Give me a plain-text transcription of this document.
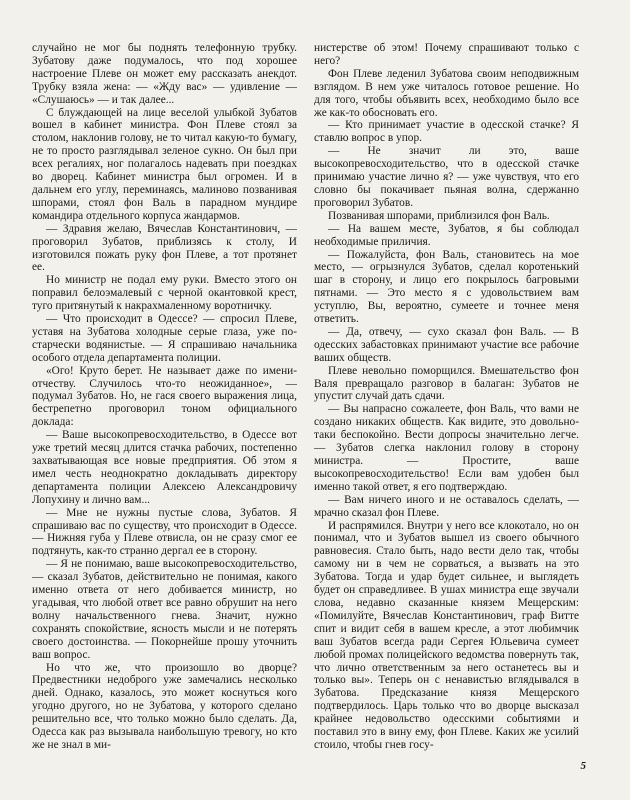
случайно не мог бы поднять телефонную трубку. Зубатову даже подумалось, что под хорошее настроение Плеве он может ему рассказать анекдот. Трубку взяла жена: — «Жду вас» — удивление — «Слушаюсь» — и так далее...

С блуждающей на лице веселой улыбкой Зубатов вошел в кабинет министра. Фон Плеве стоял за столом, наклонив голову, не то читал какую-то бумагу, не то просто разглядывал зеленое сукно. Он был при всех регалиях, ног полагалось надевать при поездках во дворец. Кабинет министра был огромен. И в дальнем его углу, переминаясь, малиново позванивая шпорами, стоял фон Валь в парадном мундире командира отдельного корпуса жандармов.

— Здравия желаю, Вячеслав Константинович, — проговорил Зубатов, приблизясь к столу, И изготовился пожать руку фон Плеве, а тот протянет ее.

Но министр не подал ему руки. Вместо этого он поправил белоэмалевый с черной окантовкой крест, туго притянутый к накрахмаленному воротничку.

— Что происходит в Одессе? — спросил Плеве, уставя на Зубатова холодные серые глаза, уже по-старчески водянистые. — Я спрашиваю начальника особого отдела департамента полиции.

«Ого! Круто берет. Не называет даже по имени-отчеству. Случилось что-то неожиданное», — подумал Зубатов. Но, не гася своего выражения лица, бестрепетно проговорил тоном официального доклада:

— Ваше высокопревосходительство, в Одессе вот уже третий месяц длится стачка рабочих, постепенно захватывающая все новые предприятия. Об этом я имел честь неоднократно докладывать директору департамента полиции Алексею Александровичу Лопухину и лично вам...

— Мне не нужны пустые слова, Зубатов. Я спрашиваю вас по существу, что происходит в Одессе. — Нижняя губа у Плеве отвисла, он не сразу смог ее подтянуть, как-то странно дергал ее в сторону.

— Я не понимаю, ваше высокопревосходительство, — сказал Зубатов, действительно не понимая, какого именно ответа от него добивается министр, но угадывая, что любой ответ все равно обрушит на него волну начальственного гнева. Значит, нужно сохранять спокойствие, ясность мысли и не потерять своего достоинства. — Покорнейше прошу уточнить ваш вопрос.

Но что же, что произошло во дворце? Предвестники недоброго уже замечались несколько дней. Однако, казалось, это может коснуться кого угодно другого, но не Зубатова, у которого сделано решительно все, что только можно было сделать. Да, Одесса как раз вызывала наибольшую тревогу, но кто же не знал в ми-

нистерстве об этом! Почему спрашивают только с него?

Фон Плеве леденил Зубатова своим неподвижным взглядом. В нем уже читалось готовое решение. Но для того, чтобы объявить всех, необходимо было все же как-то обосновать его.

— Кто принимает участие в одесской стачке? Я ставлю вопрос в упор.

— Не значит ли это, ваше высокопревосходительство, что в одесской стачке принимаю участие лично я? — уже чувствуя, что его словно бы покачивает пьяная волна, сдержанно проговорил Зубатов.

Позванивая шпорами, приблизился фон Валь.

— На вашем месте, Зубатов, я бы соблюдал необходимые приличия.

— Пожалуйста, фон Валь, становитесь на мое место, — огрызнулся Зубатов, сделал коротенький шаг в сторону, и лицо его покрылось багровыми пятнами. — Это место я с удовольствием вам уступлю, Вы, вероятно, сумеете и точнее меня ответить.

— Да, отвечу, — сухо сказал фон Валь. — В одесских забастовках принимают участие все рабочие ваших обществ.

Плеве невольно поморщился. Вмешательство фон Валя превращало разговор в балаган: Зубатов не упустит случай дать сдачи.

— Вы напрасно сожалеете, фон Валь, что вами не создано никаких обществ. Как видите, это довольно-таки беспокойно. Вести допросы значительно легче. — Зубатов слегка наклонил голову в сторону министра. — Простите, ваше высокопревосходительство! Если вам удобен был именно такой ответ, я его подтверждаю.

— Вам ничего иного и не оставалось сделать, — мрачно сказал фон Плеве.

И распрямился. Внутри у него все клокотало, но он понимал, что и Зубатов вышел из своего обычного равновесия. Стало быть, надо вести дело так, чтобы самому ни в чем не сорваться, а вызвать на это Зубатова. Тогда и удар будет сильнее, и выглядеть будет он справедливее. В ушах министра еще звучали слова, недавно сказанные князем Мещерским: «Помилуйте, Вячеслав Константинович, граф Витте спит и видит себя в вашем кресле, а этот любимчик ваш Зубатов всегда ради Сергея Юльевича сумеет любой промах полицейского ведомства повернуть так, что лично ответственным за него останетесь вы и только вы». Теперь он с ненавистью вглядывался в Зубатова. Предсказание князя Мещерского подтвердилось. Царь только что во дворце высказал крайнее недовольство одесскими событиями и поставил это в вину ему, фон Плеве. Каких же усилий стоило, чтобы гнев госу-

5
